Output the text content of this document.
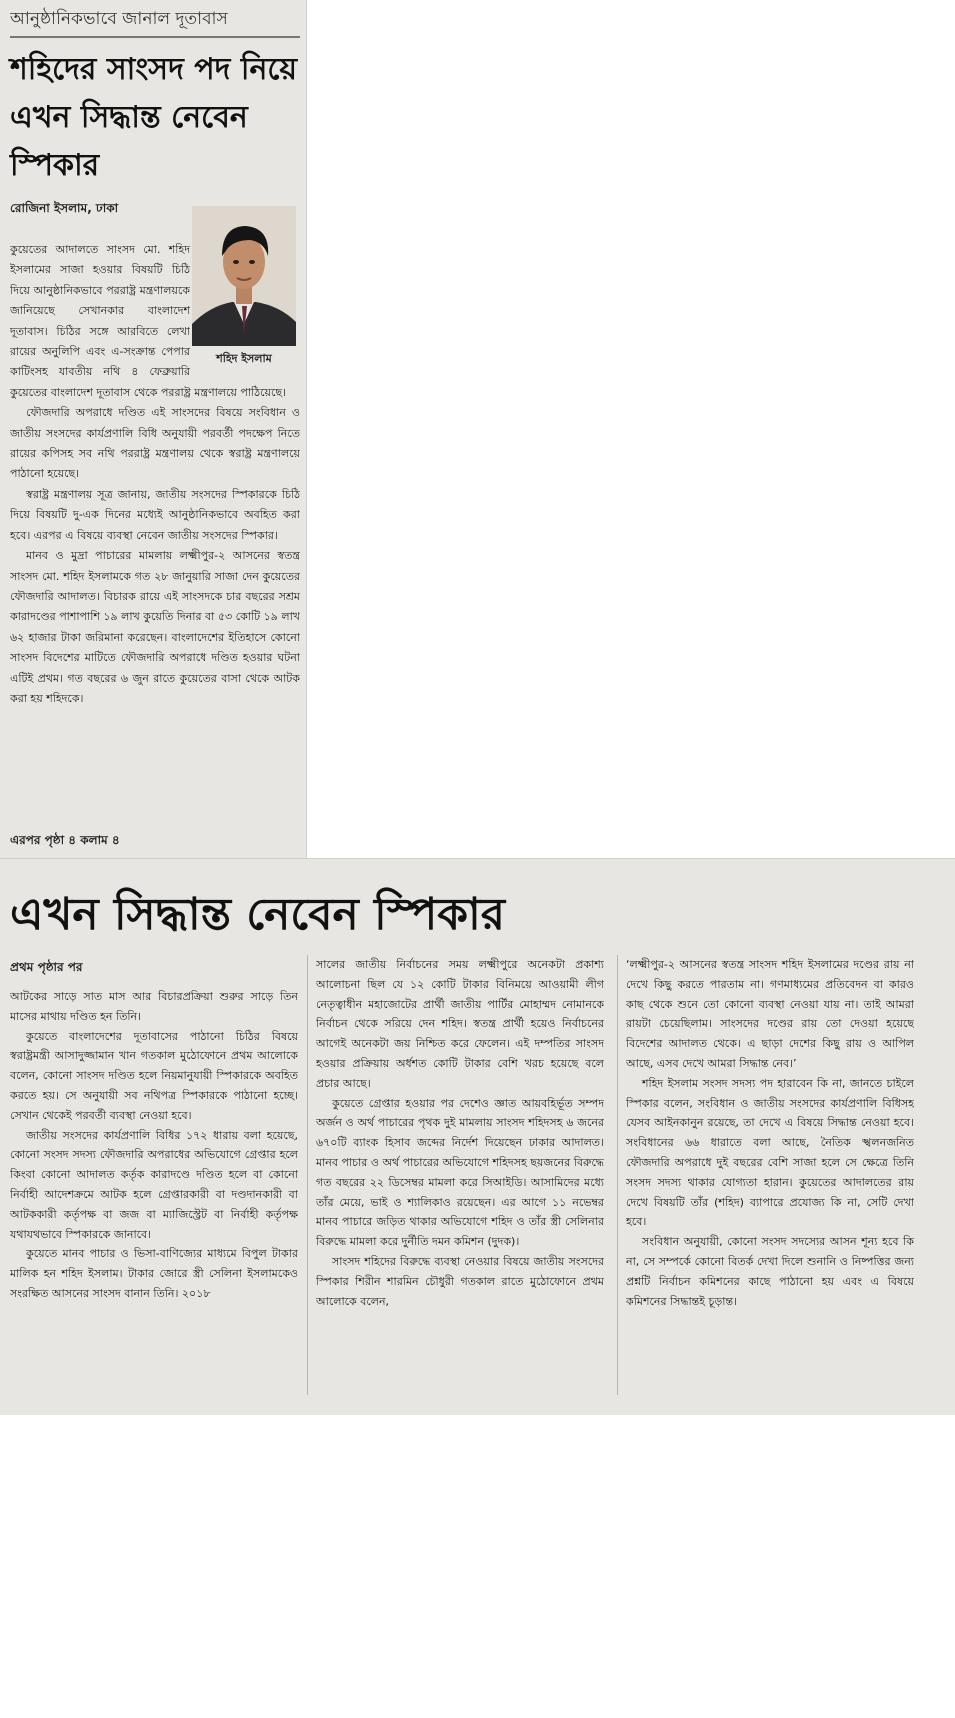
আনুষ্ঠানিকভাবে জানাল দূতাবাস
শহিদের সাংসদ পদ নিয়ে এখন সিদ্ধান্ত নেবেন স্পিকার
রোজিনা ইসলাম, ঢাকা

কুয়েতের আদালতে সাংসদ মো. শহিদ ইসলামের সাজা হওয়ার বিষয়টি চিঠি দিয়ে আনুষ্ঠানিকভাবে পররাষ্ট্র মন্ত্রণালয়কে জানিয়েছে সেখানকার বাংলাদেশ দূতাবাস। চিঠির সঙ্গে আরবিতে লেখা রায়ের অনুলিপি এবং এ-সংক্রান্ত পেপার কাটিংসহ যাবতীয় নথি ৪ ফেব্রুয়ারি কুয়েতের বাংলাদেশ দূতাবাস থেকে পররাষ্ট্র মন্ত্রণালয়ে পাঠিয়েছে।

ফৌজদারি অপরাধে দণ্ডিত এই সাংসদের বিষয়ে সংবিধান ও জাতীয় সংসদের কার্যপ্রণালি বিধি অনুযায়ী পরবর্তী পদক্ষেপ নিতে রায়ের কপিসহ সব নথি পররাষ্ট্র মন্ত্রণালয় থেকে স্বরাষ্ট্র মন্ত্রণালয়ে পাঠানো হয়েছে।

স্বরাষ্ট্র মন্ত্রণালয় সূত্র জানায়, জাতীয় সংসদের স্পিকারকে চিঠি দিয়ে বিষয়টি দু-এক দিনের মধ্যেই আনুষ্ঠানিকভাবে অবহিত করা হবে। এরপর এ বিষয়ে ব্যবস্থা নেবেন জাতীয় সংসদের স্পিকার।

মানব ও মুদ্রা পাচারের মামলায় লক্ষ্মীপুর-২ আসনের স্বতন্ত্র সাংসদ মো. শহিদ ইসলামকে গত ২৮ জানুয়ারি সাজা দেন কুয়েতের ফৌজদারি আদালত। বিচারক রায়ে এই সাংসদকে চার বছরের সশ্রম কারাদণ্ডের পাশাপাশি ১৯ লাখ কুয়েতি দিনার বা ৫৩ কোটি ১৯ লাখ ৬২ হাজার টাকা জরিমানা করেছেন। বাংলাদেশের ইতিহাসে কোনো সাংসদ বিদেশের মাটিতে ফৌজদারি অপরাধে দণ্ডিত হওয়ার ঘটনা এটিই প্রথম। গত বছরের ৬ জুন রাতে কুয়েতের বাসা থেকে আটক করা হয় শহিদকে।

শহিদ ইসলাম
এরপর পৃষ্ঠা ৪ কলাম ৪
এখন সিদ্ধান্ত নেবেন স্পিকার
প্রথম পৃষ্ঠার পর

আটকের সাড়ে সাত মাস আর বিচারপ্রক্রিয়া শুরুর সাড়ে তিন মাসের মাথায় দণ্ডিত হন তিনি।

কুয়েতে বাংলাদেশের দূতাবাসের পাঠানো চিঠির বিষয়ে স্বরাষ্ট্রমন্ত্রী আসাদুজ্জামান খান গতকাল মুঠোফোনে প্রথম আলোকে বলেন, কোনো সাংসদ দণ্ডিত হলে নিয়মানুযায়ী স্পিকারকে অবহিত করতে হয়। সে অনুযায়ী সব নথিপত্র স্পিকারকে পাঠানো হচ্ছে। সেখান থেকেই পরবর্তী ব্যবস্থা নেওয়া হবে।

জাতীয় সংসদের কার্যপ্রণালি বিধির ১৭২ ধারায় বলা হয়েছে, কোনো সংসদ সদস্য ফৌজদারি অপরাধের অভিযোগে গ্রেপ্তার হলে কিংবা কোনো আদালত কর্তৃক কারাদণ্ডে দণ্ডিত হলে বা কোনো নির্বাহী আদেশক্রমে আটক হলে গ্রেপ্তারকারী বা দণ্ডদানকারী বা আটককারী কর্তৃপক্ষ বা জজ বা ম্যাজিস্ট্রেট বা নির্বাহী কর্তৃপক্ষ যথাযথভাবে স্পিকারকে জানাবে।

কুয়েতে মানব পাচার ও ভিসা-বাণিজ্যের মাধ্যমে বিপুল টাকার মালিক হন শহিদ ইসলাম। টাকার জোরে স্ত্রী সেলিনা ইসলামকেও সংরক্ষিত আসনের সাংসদ বানান তিনি। ২০১৮

সালের জাতীয় নির্বাচনের সময় লক্ষ্মীপুরে অনেকটা প্রকাশ্য আলোচনা ছিল যে ১২ কোটি টাকার বিনিময়ে আওয়ামী লীগ নেতৃত্বাধীন মহাজোটের প্রার্থী জাতীয় পার্টির মোহাম্মদ নোমানকে নির্বাচন থেকে সরিয়ে দেন শহিদ। স্বতন্ত্র প্রার্থী হয়েও নির্বাচনের আগেই অনেকটা জয় নিশ্চিত করে ফেলেন। এই দম্পতির সাংসদ হওয়ার প্রক্রিয়ায় অর্ধশত কোটি টাকার বেশি খরচ হয়েছে বলে প্রচার আছে।

কুয়েতে গ্রেপ্তার হওয়ার পর দেশেও জ্ঞাত আয়বহির্ভূত সম্পদ অর্জন ও অর্থ পাচারের পৃথক দুই মামলায় সাংসদ শহিদসহ ৬ জনের ৬৭০টি ব্যাংক হিসাব জব্দের নির্দেশ দিয়েছেন ঢাকার আদালত। মানব পাচার ও অর্থ পাচারের অভিযোগে শহিদসহ ছয়জনের বিরুদ্ধে গত বছরের ২২ ডিসেম্বর মামলা করে সিআইডি। আসামিদের মধ্যে তাঁর মেয়ে, ভাই ও শ্যালিকাও রয়েছেন। এর আগে ১১ নভেম্বর মানব পাচারে জড়িত থাকার অভিযোগে শহিদ ও তাঁর স্ত্রী সেলিনার বিরুদ্ধে মামলা করে দুর্নীতি দমন কমিশন (দুদক)।

সাংসদ শহিদের বিরুদ্ধে ব্যবস্থা নেওয়ার বিষয়ে জাতীয় সংসদের স্পিকার শিরীন শারমিন চৌধুরী গতকাল রাতে মুঠোফোনে প্রথম আলোকে বলেন,

‘লক্ষ্মীপুর-২ আসনের স্বতন্ত্র সাংসদ শহিদ ইসলামের দণ্ডের রায় না দেখে কিছু করতে পারতাম না। গণমাধ্যমের প্রতিবেদন বা কারও কাছ থেকে শুনে তো কোনো ব্যবস্থা নেওয়া যায় না। তাই আমরা রায়টা চেয়েছিলাম। সাংসদের দণ্ডের রায় তো দেওয়া হয়েছে বিদেশের আদালত থেকে। এ ছাড়া দেশের কিছু রায় ও আপিল আছে, এসব দেখে আমরা সিদ্ধান্ত নেব।’

শহিদ ইসলাম সংসদ সদস্য পদ হারাবেন কি না, জানতে চাইলে স্পিকার বলেন, সংবিধান ও জাতীয় সংসদের কার্যপ্রণালি বিধিসহ যেসব আইনকানুন রয়েছে, তা দেখে এ বিষয়ে সিদ্ধান্ত নেওয়া হবে। সংবিধানের ৬৬ ধারাতে বলা আছে, নৈতিক স্খলনজনিত ফৌজদারি অপরাধে দুই বছরের বেশি সাজা হলে সে ক্ষেত্রে তিনি সংসদ সদস্য থাকার যোগ্যতা হারান। কুয়েতের আদালতের রায় দেখে বিষয়টি তাঁর (শহিদ) ব্যাপারে প্রযোজ্য কি না, সেটি দেখা হবে।

সংবিধান অনুযায়ী, কোনো সংসদ সদস্যের আসন শূন্য হবে কি না, সে সম্পর্কে কোনো বিতর্ক দেখা দিলে শুনানি ও নিষ্পত্তির জন্য প্রশ্নটি নির্বাচন কমিশনের কাছে পাঠানো হয় এবং এ বিষয়ে কমিশনের সিদ্ধান্তই চূড়ান্ত।
